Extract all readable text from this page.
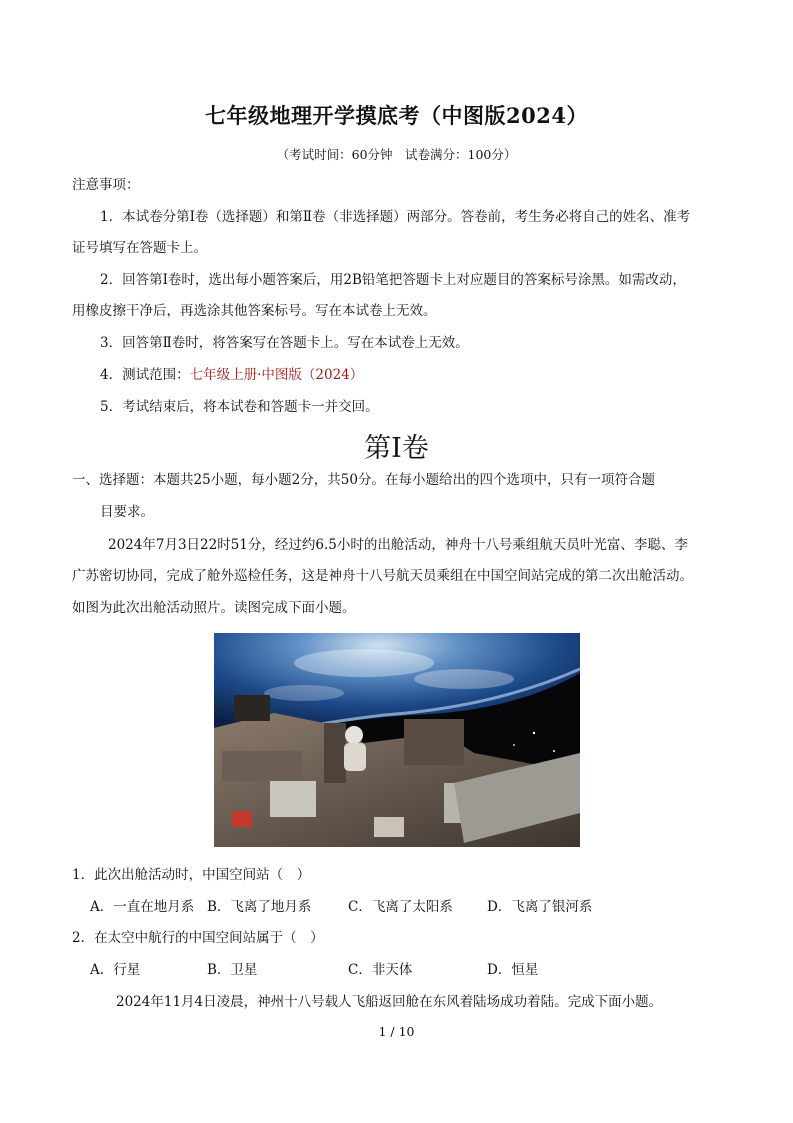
七年级地理开学摸底考（中图版2024）
（考试时间：60分钟　试卷满分：100分）
注意事项：
1．本试卷分第Ⅰ卷（选择题）和第Ⅱ卷（非选择题）两部分。答卷前，考生务必将自己的姓名、准考
证号填写在答题卡上。
2．回答第Ⅰ卷时，选出每小题答案后，用2B铅笔把答题卡上对应题目的答案标号涂黑。如需改动，
用橡皮擦干净后，再选涂其他答案标号。写在本试卷上无效。
3．回答第Ⅱ卷时，将答案写在答题卡上。写在本试卷上无效。
4．测试范围：七年级上册·中图版（2024）
5．考试结束后，将本试卷和答题卡一并交回。
第Ⅰ卷
一、选择题：本题共25小题，每小题2分，共50分。在每小题给出的四个选项中，只有一项符合题
目要求。
2024年7月3日22时51分，经过约6.5小时的出舱活动，神舟十八号乘组航天员叶光富、李聪、李
广苏密切协同，完成了舱外巡检任务，这是神舟十八号航天员乘组在中国空间站完成的第二次出舱活动。
如图为此次出舱活动照片。读图完成下面小题。
1．此次出舱活动时，中国空间站（　）
A．一直在地月系 B．飞离了地月系	C．飞离了太阳系	D．飞离了银河系
2．在太空中航行的中国空间站属于（　）
A．行星	B．卫星	C．非天体	D．恒星
2024年11月4日凌晨，神州十八号载人飞船返回舱在东风着陆场成功着陆。完成下面小题。
1 / 10
